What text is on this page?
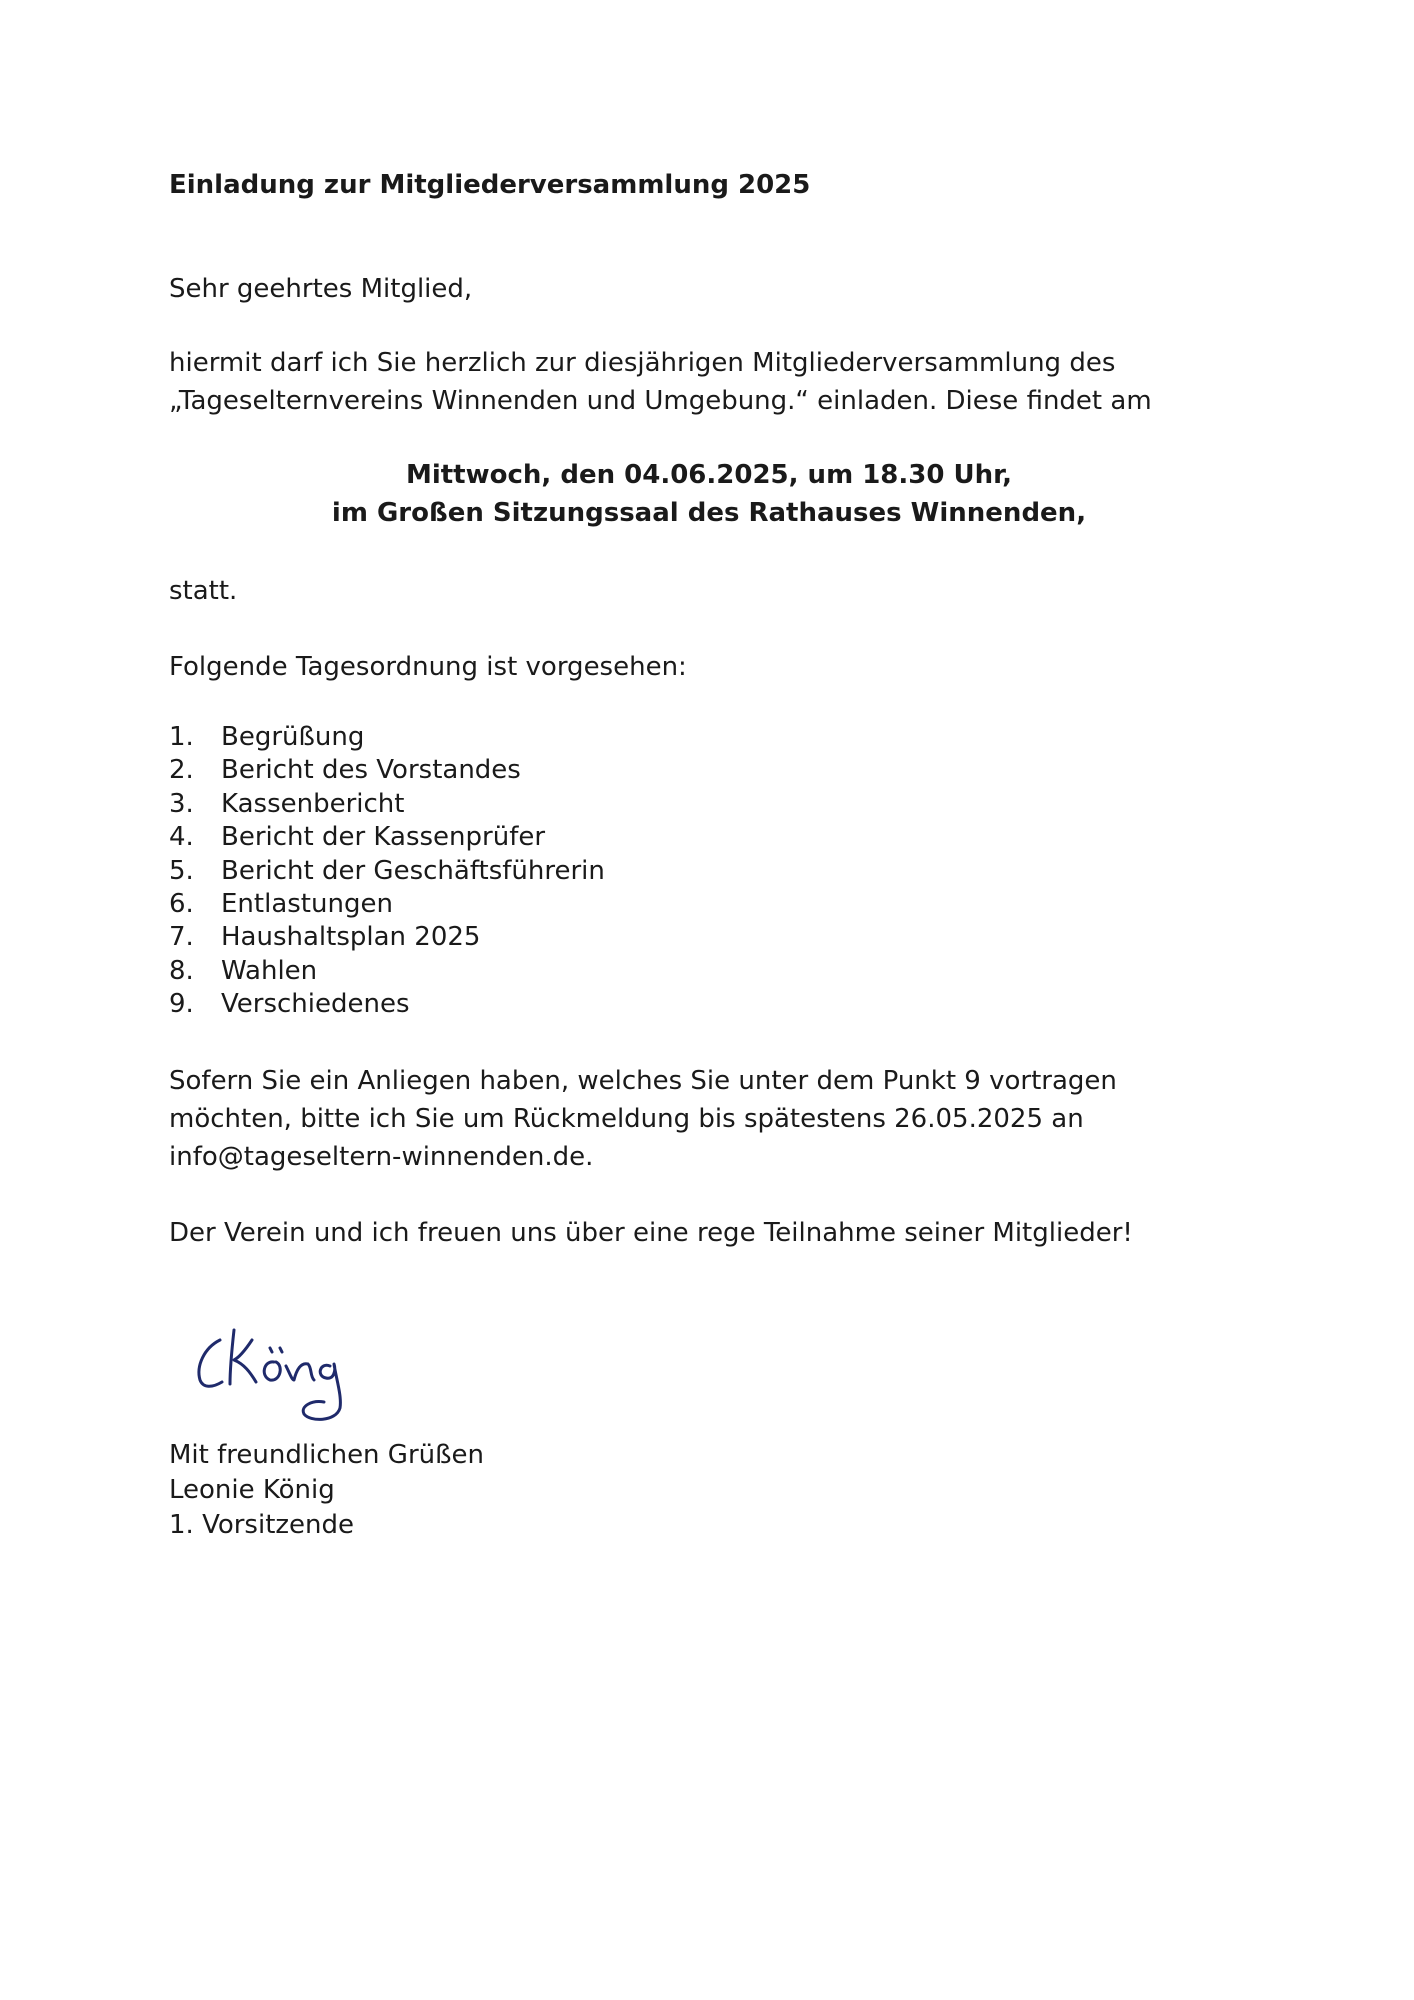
Einladung zur Mitgliederversammlung 2025
Sehr geehrtes Mitglied,
hiermit darf ich Sie herzlich zur diesjährigen Mitgliederversammlung des
„Tageselternvereins Winnenden und Umgebung.“ einladen. Diese findet am
Mittwoch, den 04.06.2025, um 18.30 Uhr,
im Großen Sitzungssaal des Rathauses Winnenden,
statt.
Folgende Tagesordnung ist vorgesehen:
1.	Begrüßung
2.	Bericht des Vorstandes
3.	Kassenbericht
4.	Bericht der Kassenprüfer
5.	Bericht der Geschäftsführerin
6.	Entlastungen
7.	Haushaltsplan 2025
8.	Wahlen
9.	Verschiedenes
Sofern Sie ein Anliegen haben, welches Sie unter dem Punkt 9 vortragen
möchten, bitte ich Sie um Rückmeldung bis spätestens 26.05.2025 an
info@tageseltern-winnenden.de.
Der Verein und ich freuen uns über eine rege Teilnahme seiner Mitglieder!
Mit freundlichen Grüßen
Leonie König
1. Vorsitzende
